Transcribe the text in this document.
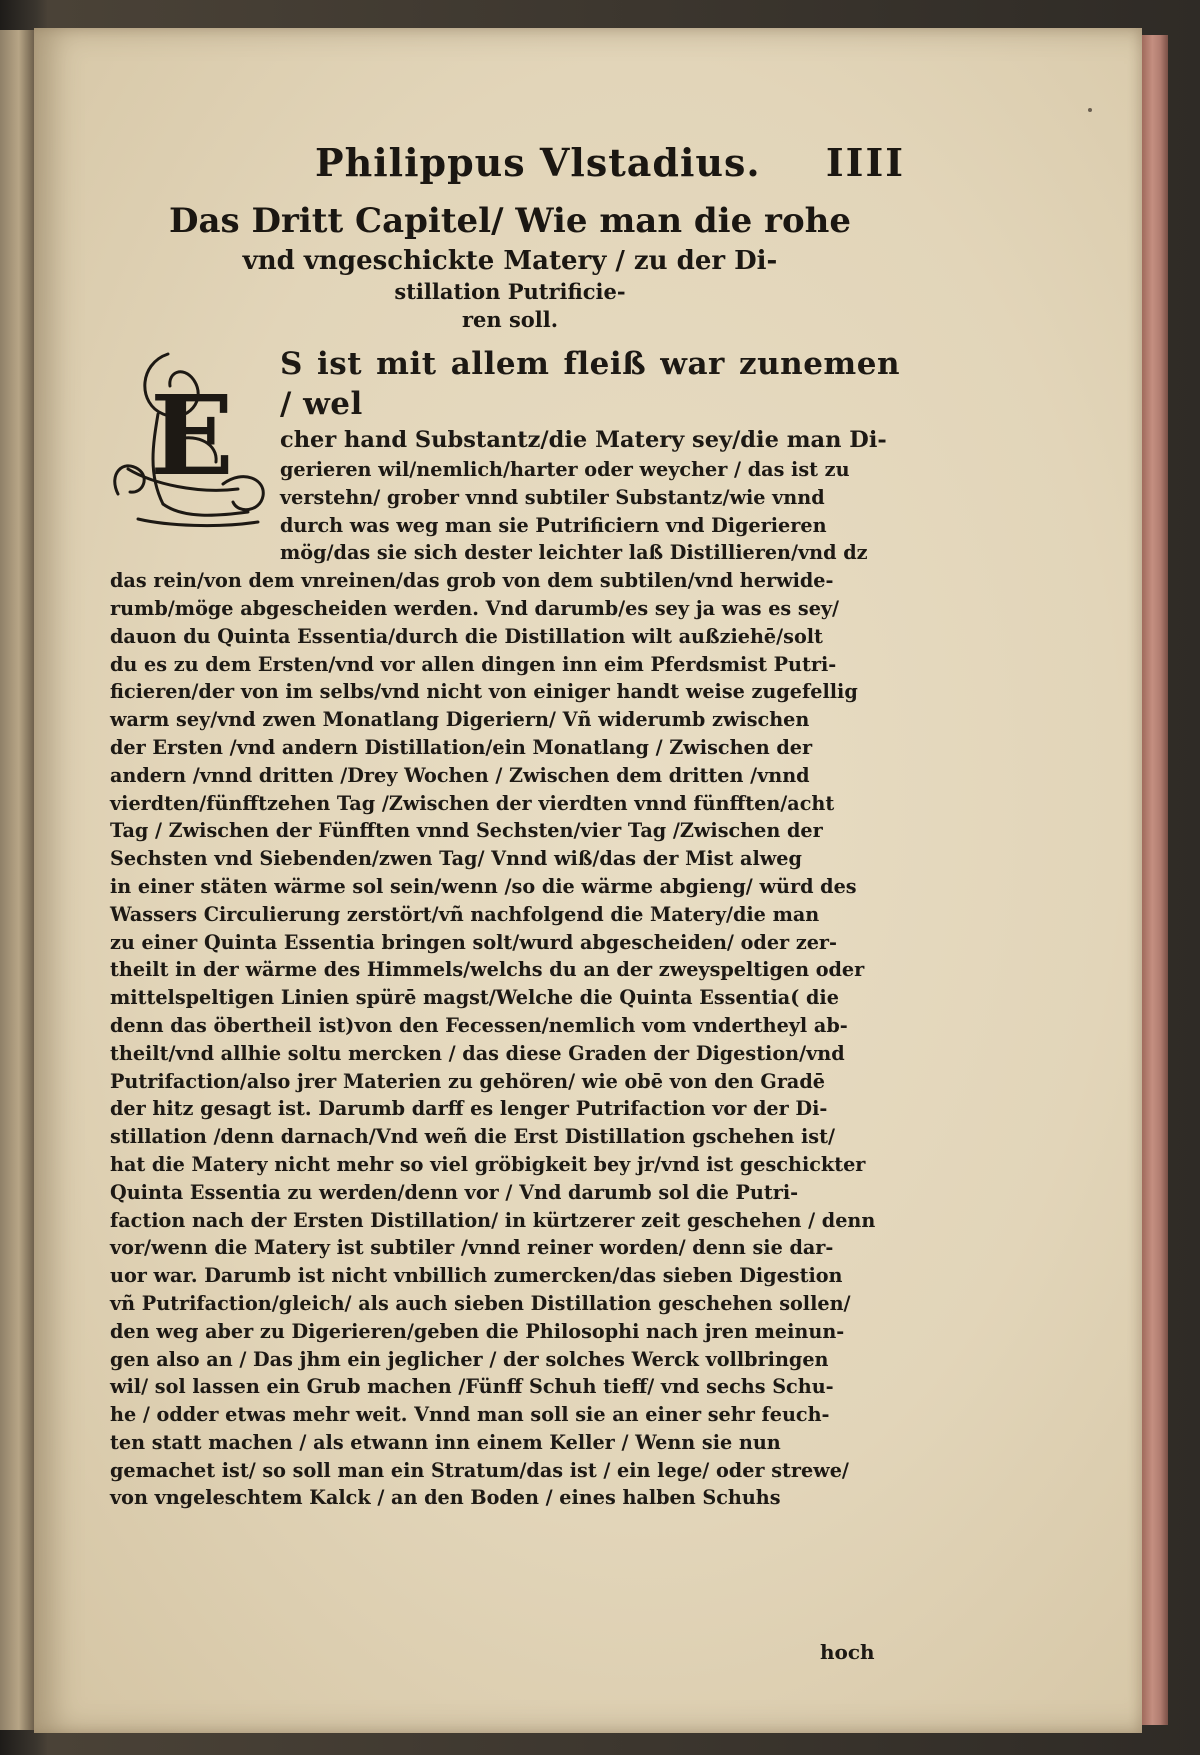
Philippus Vlstadius. IIII
Das Dritt Capitel/ Wie man die rohe
vnd vngeschickte Matery / zu der Di-
stillation Putrificie-
ren soll.
E
S ist mit allem fleiß war zunemen / wel
cher hand Substantz/die Matery sey/die man Di-
gerieren wil/nemlich/harter oder weycher / das ist zu
verstehn/ grober vnnd subtiler Substantz/wie vnnd
durch was weg man sie Putrificiern vnd Digerieren
mög/das sie sich dester leichter laß Distillieren/vnd dz
das rein/von dem vnreinen/das grob von dem subtilen/vnd herwide-
rumb/möge abgescheiden werden. Vnd darumb/es sey ja was es sey/
dauon du Quinta Essentia/durch die Distillation wilt außziehē/solt
du es zu dem Ersten/vnd vor allen dingen inn eim Pferdsmist Putri-
ficieren/der von im selbs/vnd nicht von einiger handt weise zugefellig
warm sey/vnd zwen Monatlang Digeriern/ Vñ widerumb zwischen
der Ersten /vnd andern Distillation/ein Monatlang / Zwischen der
andern /vnnd dritten /Drey Wochen / Zwischen dem dritten /vnnd
vierdten/fünfftzehen Tag /Zwischen der vierdten vnnd fünfften/acht
Tag / Zwischen der Fünfften vnnd Sechsten/vier Tag /Zwischen der
Sechsten vnd Siebenden/zwen Tag/ Vnnd wiß/das der Mist alweg
in einer stäten wärme sol sein/wenn /so die wärme abgieng/ würd des
Wassers Circulierung zerstört/vñ nachfolgend die Matery/die man
zu einer Quinta Essentia bringen solt/wurd abgescheiden/ oder zer-
theilt in der wärme des Himmels/welchs du an der zweyspeltigen oder
mittelspeltigen Linien spürē magst/Welche die Quinta Essentia( die
denn das öbertheil ist)von den Fecessen/nemlich vom vndertheyl ab-
theilt/vnd allhie soltu mercken / das diese Graden der Digestion/vnd
Putrifaction/also jrer Materien zu gehören/ wie obē von den Gradē
der hitz gesagt ist. Darumb darff es lenger Putrifaction vor der Di-
stillation /denn darnach/Vnd weñ die Erst Distillation gschehen ist/
hat die Matery nicht mehr so viel gröbigkeit bey jr/vnd ist geschickter
Quinta Essentia zu werden/denn vor / Vnd darumb sol die Putri-
faction nach der Ersten Distillation/ in kürtzerer zeit geschehen / denn
vor/wenn die Matery ist subtiler /vnnd reiner worden/ denn sie dar-
uor war. Darumb ist nicht vnbillich zumercken/das sieben Digestion
vñ Putrifaction/gleich/ als auch sieben Distillation geschehen sollen/
den weg aber zu Digerieren/geben die Philosophi nach jren meinun-
gen also an / Das jhm ein jeglicher / der solches Werck vollbringen
wil/ sol lassen ein Grub machen /Fünff Schuh tieff/ vnd sechs Schu-
he / odder etwas mehr weit. Vnnd man soll sie an einer sehr feuch-
ten statt machen / als etwann inn einem Keller / Wenn sie nun
gemachet ist/ so soll man ein Stratum/das ist / ein lege/ oder strewe/
von vngeleschtem Kalck / an den Boden / eines halben Schuhs
hoch
